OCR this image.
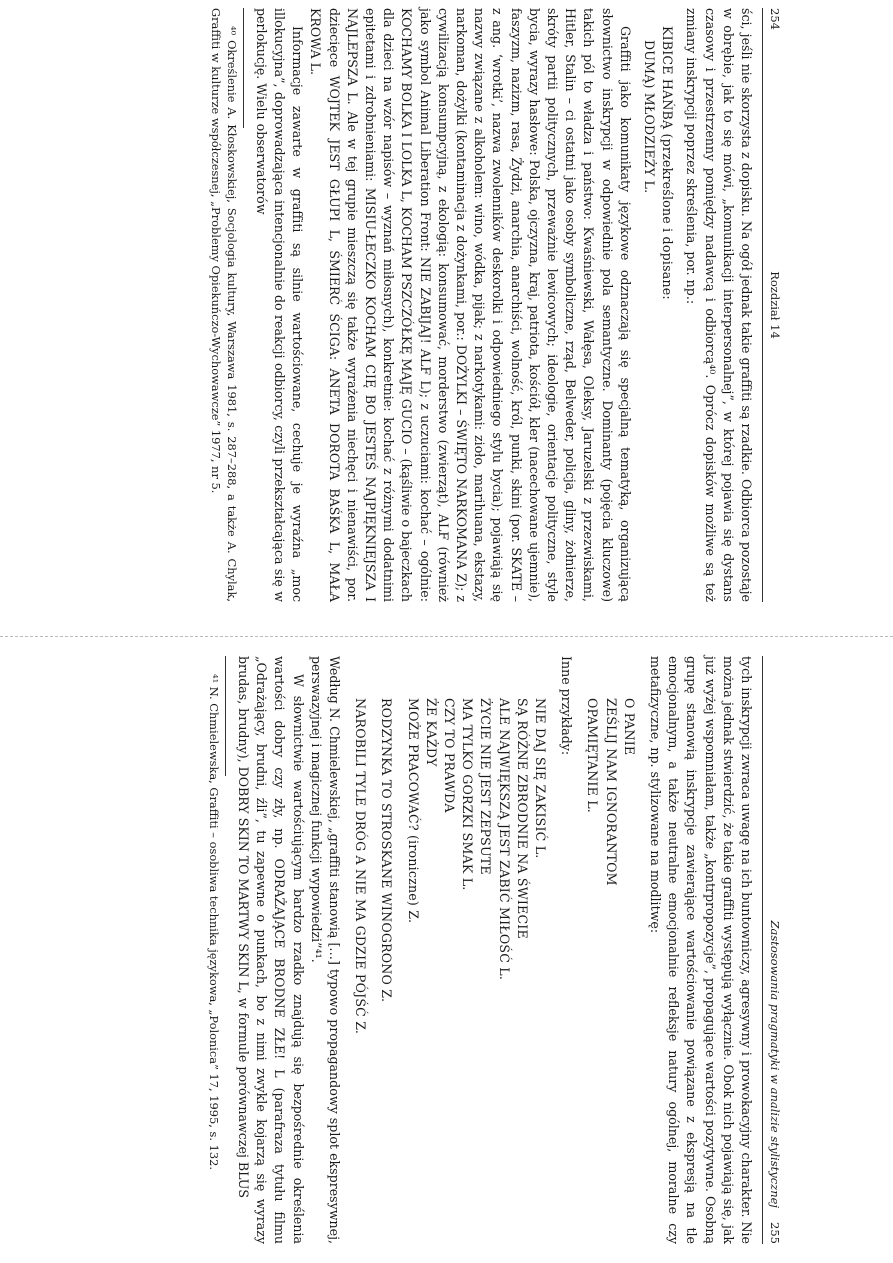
254
Rozdział 14

ści, jeśli nie skorzysta z dopisku. Na ogół jednak takie graffiti są rzadkie. Odbiorca pozostaje w obrębie, jak to się mówi, „komunikacji interpersonalnej”, w której pojawia się dystans czasowy i przestrzenny pomiędzy nadawcą i odbiorcą⁴⁰. Oprócz dopisków możliwe są też zmiany inskrypcji poprzez skreślenia, por. np.:

KIBICE HAŃBĄ (przekreślone i dopisane:
DUMĄ) MŁODZIEŻY L.

Graffiti jako komunikaty językowe odznaczają się specjalną tematyką, organizującą słownictwo inskrypcji w odpowiednie pola semantyczne. Dominanty (pojęcia kluczowe) takich pól to władza i państwo: Kwaśniewski, Wałęsa, Oleksy, Jaruzelski z przezwiskami, Hitler, Stalin – ci ostatni jako osoby symboliczne, rząd, Belweder, policja, gliny, żołnierze, skróty partii politycznych, przeważnie lewicowych; ideologie, orientacje polityczne, style bycia, wyrazy hasłowe: Polska, ojczyzna, kraj, patriota, kościół, kler (nacechowane ujemnie), faszyzm, nazizm, rasa, Żydzi, anarchia, anarchiści, wolność, król, punki, skini (por. SKATE – z ang. ‘wrotki’, nazwa zwolenników deskorolki i odpowiedniego stylu bycia); pojawiają się nazwy związane z alkoholem: wino, wódka, pijak; z narkotykami: zioło, marihuana, ekstazy, narkoman, dożylki (kontaminacja z dożynkami, por.: DOŻYLKI – ŚWIĘTO NARKOMANA Z); z cywilizacją konsumpcyjną, z ekologią: konsumować, morderstwo (zwierząt), ALF (również jako symbol Animal Liberation Front: NIE ZABIJAJ! ALF L); z uczuciami: kochać – ogólnie: KOCHAMY BOLKA I LOLKA L, KOCHAM PSZCZÓŁKĘ MAJĘ GUCIO – (kąśliwie o bajeczkach dla dzieci na wzór napisów – wyznań miłosnych), konkretnie: kochać z różnymi dodatnimi epitetami i zdrobnieniami: MISIU-ŁECZKO KOCHAM CIĘ BO JESTEŚ NAJPIĘKNIEJSZA I NAJLEPSZA L. Ale w tej grupie mieszczą się także wyrażenia niechęci i nienawiści, por. dziecięce WOJTEK JEST GŁUPI L, ŚMIERĆ ŚCIGA: ANETA DOROTA BAŚKA L, MAŁA KROWA L.

Informacje zawarte w graffiti są silnie wartościowane, cechuje je wyraźna „moc illokucyjna”, doprowadzająca intencjonalnie do reakcji odbiorcy, czyli przekształcająca się w perlokucję. Wielu obserwatorów

⁴⁰ Określenie A. Kłoskowskiej, Socjologia kultury, Warszawa 1981, s. 287–288, a także A. Chylak, Graffiti w kulturze współczesnej, „Problemy Opiekuńczo-Wychowawcze” 1977, nr 5.

Zastosowania pragmatyki w analizie stylistycznej
255

tych inskrypcji zwraca uwagę na ich buntowniczy, agresywny i prowokacyjny charakter. Nie można jednak stwierdzić, że takie graffiti występują wyłącznie. Obok nich pojawiają się, jak już wyżej wspomniałam, także „kontrpropozycje”, propagujące wartości pozytywne. Osobną grupę stanowią inskrypcje zawierające wartościowanie powiązane z ekspresją na tle emocjonalnym, a także neutralne emocjonalnie refleksje natury ogólnej, moralne czy metafizyczne, np. stylizowane na modlitwę:

O PANIE
ZEŚLIJ NAM IGNORANTOM
OPAMIĘTANIE L.

Inne przykłady:

NIE DAJ SIĘ ZAKISIĆ L.
SĄ RÓŻNE ZBRODNIE NA ŚWIECIE
ALE NAJWIĘKSZĄ JEST ZABIĆ MIŁOŚĆ L.
ŻYCIE NIE JEST ZEPSUTE
MA TYLKO GORZKI SMAK L.
CZY TO PRAWDA
ŻE KAŻDY
MOŻE PRACOWAĆ? (ironiczne) Z.
RODZYNKA TO STROSKANE WINOGRONO Z.
NAROBILI TYLE DRÓG A NIE MA GDZIE PÓJŚĆ Z.

Według N. Chmielewskiej, „graffiti stanowią […] typowo propagandowy splot ekspresywnej, perswazyjnej i magicznej funkcji wypowiedzi”⁴¹.

W słownictwie wartościującym bardzo rzadko znajdują się bezpośrednie określenia wartości dobry czy zły, np. ODRAŻAJĄCE BRODNE ZŁE! L (parafraza tytułu filmu „Odrażający, brudni, źli”, tu zapewne o punkach, bo z nimi zwykle kojarzą się wyrazy brudas, brudny), DOBRY SKIN TO MARTWY SKIN L, w formule porównawczej BLUS

⁴¹ N. Chmielewska, Graffiti – osobliwa technika językowa, „Polonica” 17, 1995, s. 132.
